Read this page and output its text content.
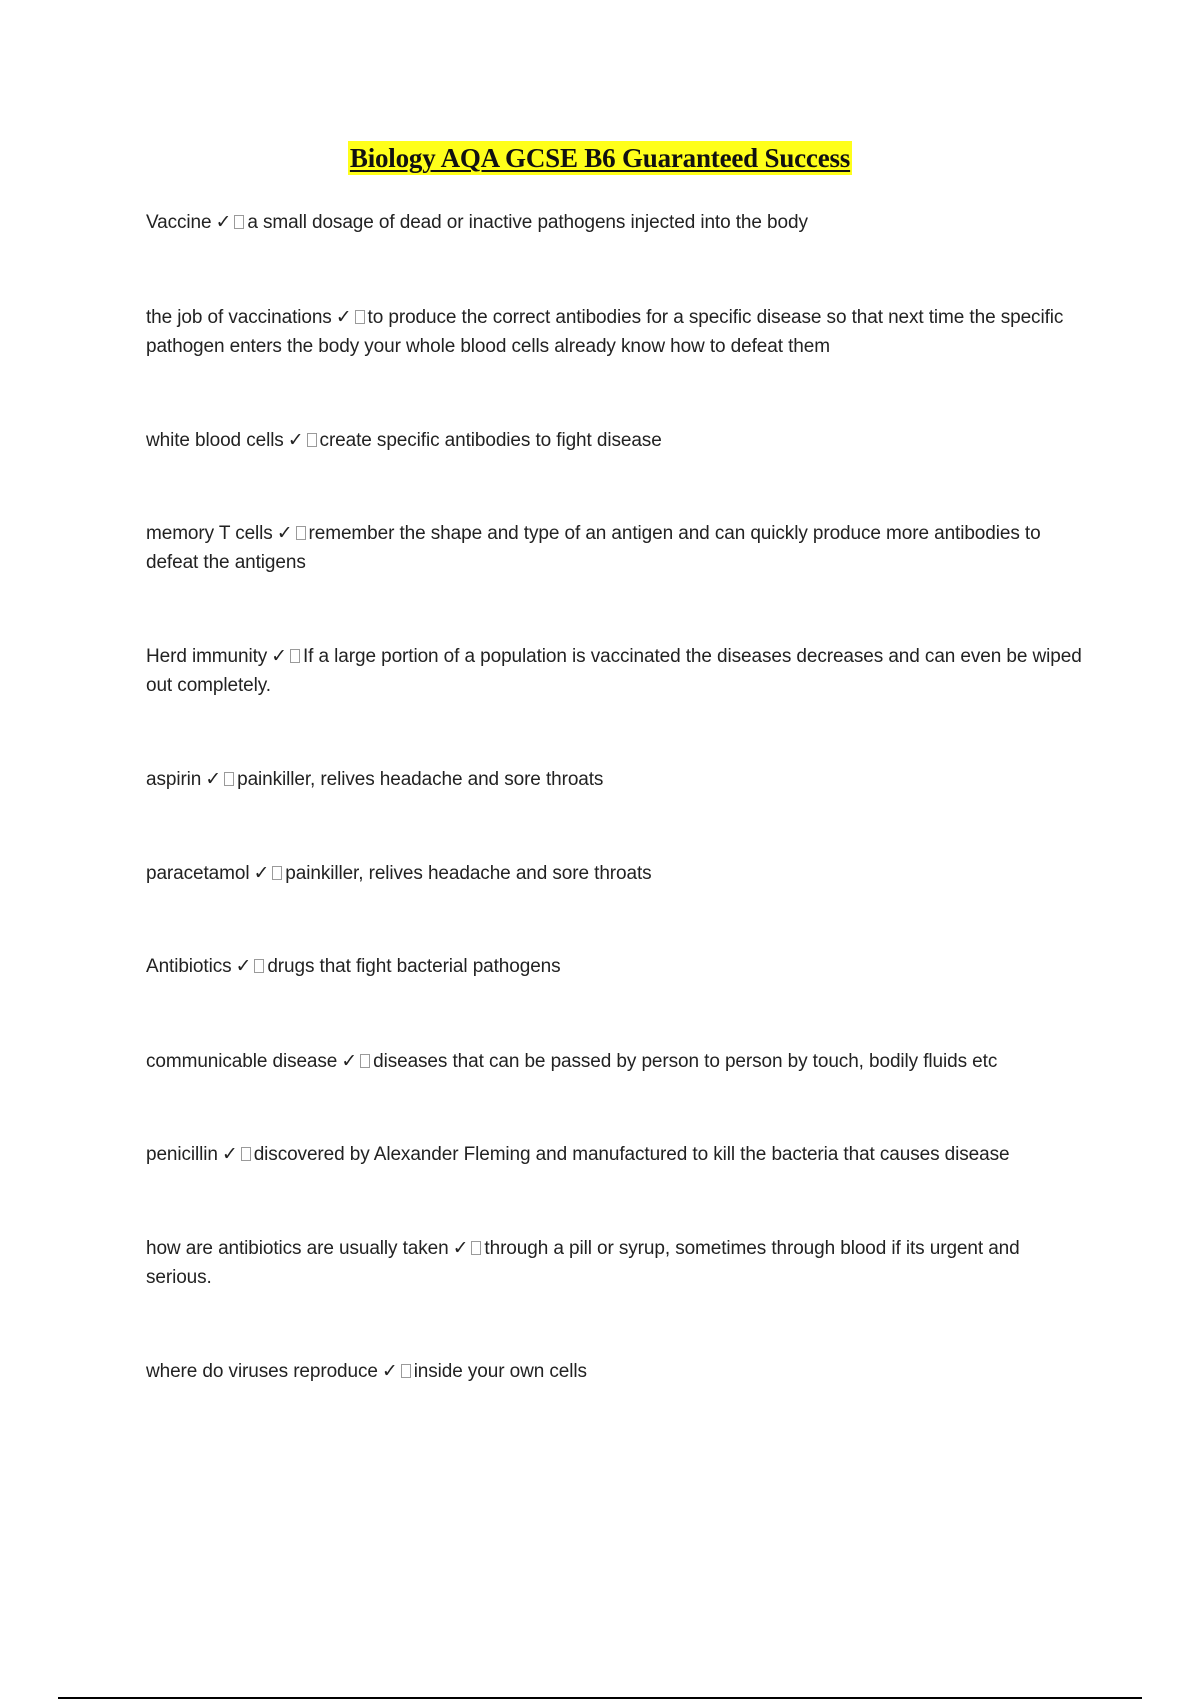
Biology AQA GCSE B6 Guaranteed Success
Vaccine ✓ a small dosage of dead or inactive pathogens injected into the body
the job of vaccinations ✓ to produce the correct antibodies for a specific disease so that next time the specific pathogen enters the body your whole blood cells already know how to defeat them
white blood cells ✓ create specific antibodies to fight disease
memory T cells ✓ remember the shape and type of an antigen and can quickly produce more antibodies to defeat the antigens
Herd immunity ✓ If a large portion of a population is vaccinated the diseases decreases and can even be wiped out completely.
aspirin ✓ painkiller, relives headache and sore throats
paracetamol ✓ painkiller, relives headache and sore throats
Antibiotics ✓ drugs that fight bacterial pathogens
communicable disease ✓ diseases that can be passed by person to person by touch, bodily fluids etc
penicillin ✓ discovered by Alexander Fleming and manufactured to kill the bacteria that causes disease
how are antibiotics are usually taken ✓ through a pill or syrup, sometimes through blood if its urgent and serious.
where do viruses reproduce ✓ inside your own cells
